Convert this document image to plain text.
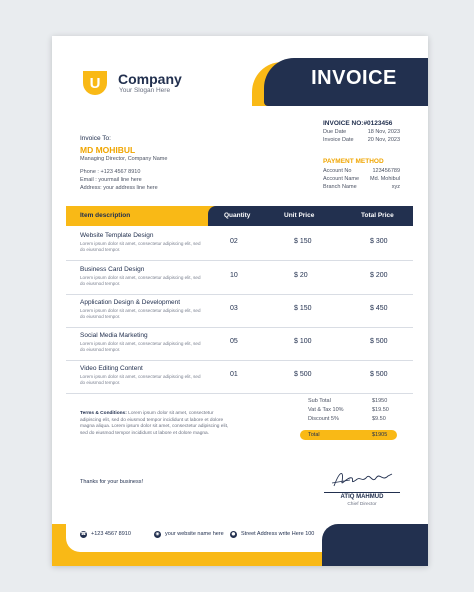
U Company
Your Slogan Here
INVOICE
Invoice To:
MD MOHIBUL
Managing Director, Company Name
Phone : +123 4567 8910
Email : yourmail line here
Address: your address line here
INVOICE NO:#0123456
Due Date	18 Nov, 2023
Invoice Date	20 Nov, 2023
PAYMENT METHOD
Account No	123456789
Account Name Md. Mohibul
Branch Name	xyz
Item description	Quantity	Unit Price	Total Price
Website Template Design
Lorem ipsum dolor sit amet, consectetur adipiscing elit, sed do eiusmod tempor.
02	$ 150	$ 300
Business Card Design
Lorem ipsum dolor sit amet, consectetur adipiscing elit, sed do eiusmod tempor.
10	$ 20	$ 200
Application Design & Development
Lorem ipsum dolor sit amet, consectetur adipiscing elit, sed do eiusmod tempor.
03	$ 150	$ 450
Social Media Marketing
Lorem ipsum dolor sit amet, consectetur adipiscing elit, sed do eiusmod tempor.
05	$ 100	$ 500
Video Editing Content
Lorem ipsum dolor sit amet, consectetur adipiscing elit, sed do eiusmod tempor.
01	$ 500	$ 500
Terms & Conditions: Lorem ipsum dolor sit amet, consectetur adipiscing elit, sed do eiusmod tempor incididunt ut labore et dolore magna aliqua. Lorem ipsum dolor sit amet, consectetur adipiscing elit, sed do eiusmod tempor incididunt ut labore et dolore magna.
Sub Total	$1950
Vat & Tax 10%	$19.50
Discount 5%	$9.50
Total	$1905
Thanks for your business!
ATIQ MAHMUD
Chief Director
☎ +123 4567 8910	◉ your website name here	● Street Address write Here 100
